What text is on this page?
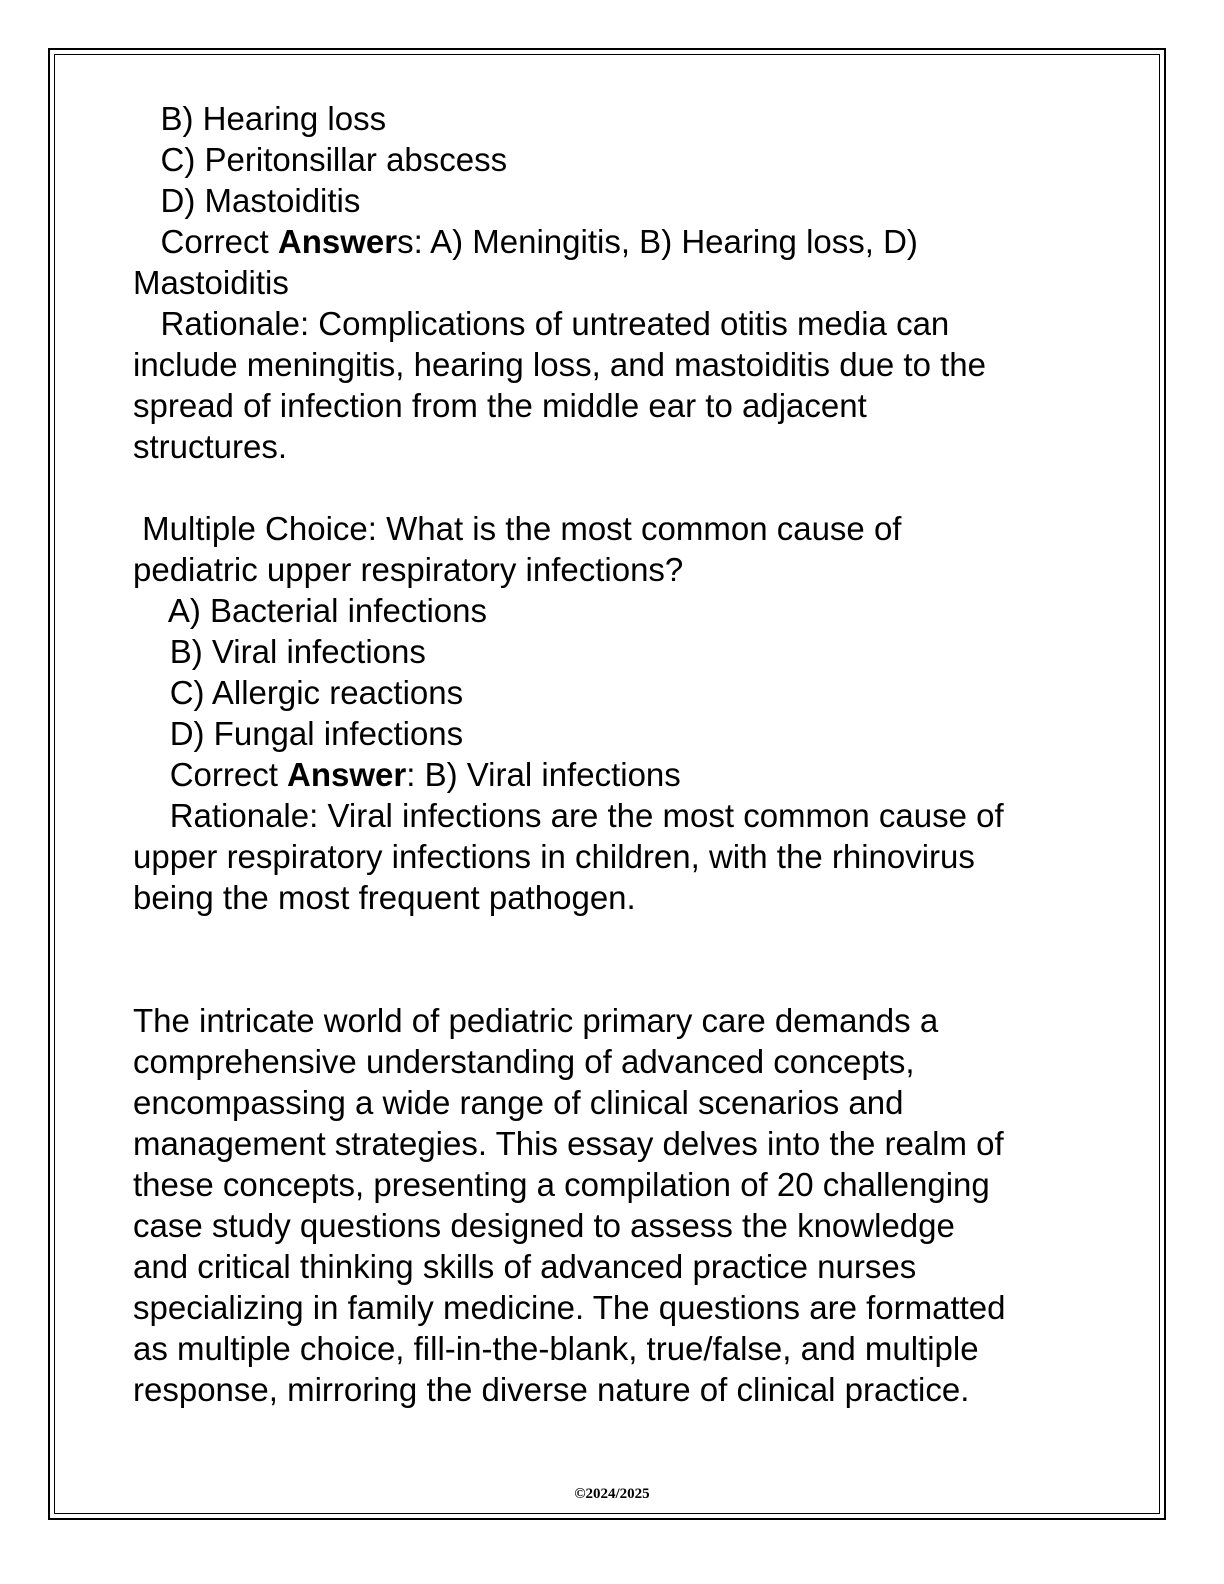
B) Hearing loss
C) Peritonsillar abscess
D) Mastoiditis
Correct Answers: A) Meningitis, B) Hearing loss, D)
Mastoiditis
Rationale: Complications of untreated otitis media can
include meningitis, hearing loss, and mastoiditis due to the
spread of infection from the middle ear to adjacent
structures.
Multiple Choice: What is the most common cause of
pediatric upper respiratory infections?
A) Bacterial infections
B) Viral infections
C) Allergic reactions
D) Fungal infections
Correct Answer: B) Viral infections
Rationale: Viral infections are the most common cause of
upper respiratory infections in children, with the rhinovirus
being the most frequent pathogen.
The intricate world of pediatric primary care demands a
comprehensive understanding of advanced concepts,
encompassing a wide range of clinical scenarios and
management strategies. This essay delves into the realm of
these concepts, presenting a compilation of 20 challenging
case study questions designed to assess the knowledge
and critical thinking skills of advanced practice nurses
specializing in family medicine. The questions are formatted
as multiple choice, fill-in-the-blank, true/false, and multiple
response, mirroring the diverse nature of clinical practice.
©2024/2025
